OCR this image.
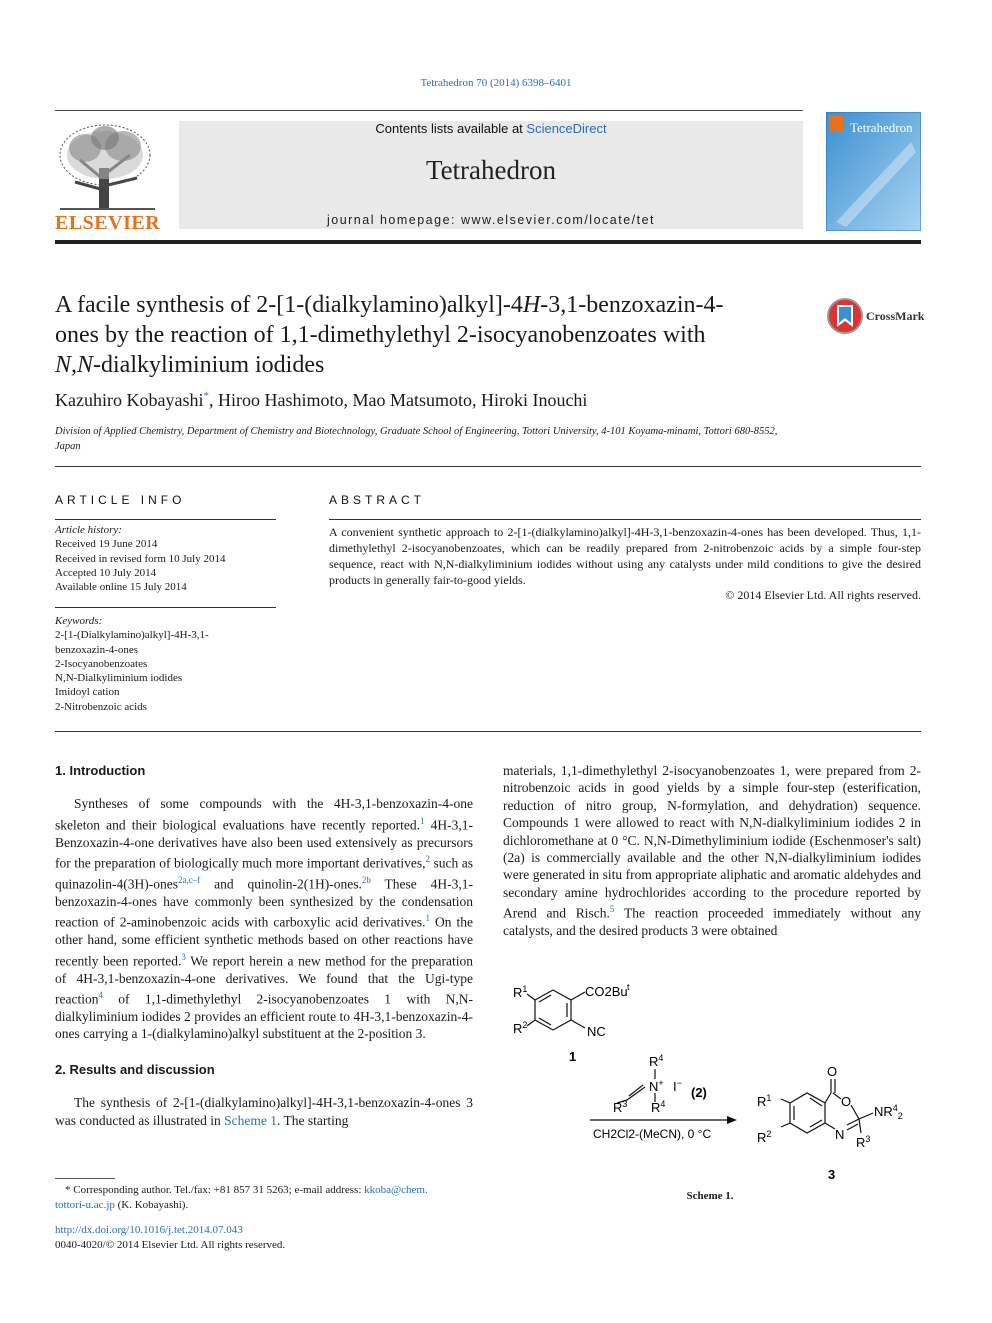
Tetrahedron 70 (2014) 6398–6401
ELSEVIER
Contents lists available at ScienceDirect
Tetrahedron
journal homepage: www.elsevier.com/locate/tet
Tetrahedron
A facile synthesis of 2-[1-(dialkylamino)alkyl]-4H-3,1-benzoxazin-4-
ones by the reaction of 1,1-dimethylethyl 2-isocyanobenzoates with
N,N-dialkyliminium iodides
CrossMark
Kazuhiro Kobayashi*, Hiroo Hashimoto, Mao Matsumoto, Hiroki Inouchi
Division of Applied Chemistry, Department of Chemistry and Biotechnology, Graduate School of Engineering, Tottori University, 4-101 Koyama-minami, Tottori 680-8552, Japan
ARTICLE INFO
Article history:
Received 19 June 2014
Received in revised form 10 July 2014
Accepted 10 July 2014
Available online 15 July 2014
Keywords:
2-[1-(Dialkylamino)alkyl]-4H-3,1-
benzoxazin-4-ones
2-Isocyanobenzoates
N,N-Dialkyliminium iodides
Imidoyl cation
2-Nitrobenzoic acids
ABSTRACT
A convenient synthetic approach to 2-[1-(dialkylamino)alkyl]-4H-3,1-benzoxazin-4-ones has been developed. Thus, 1,1-dimethylethyl 2-isocyanobenzoates, which can be readily prepared from 2-nitrobenzoic acids by a simple four-step sequence, react with N,N-dialkyliminium iodides without using any catalysts under mild conditions to give the desired products in generally fair-to-good yields.
© 2014 Elsevier Ltd. All rights reserved.

1. Introduction

Syntheses of some compounds with the 4H-3,1-benzoxazin-4-one skeleton and their biological evaluations have recently reported.$^1$ 4H-3,1-Benzoxazin-4-one derivatives have also been used extensively as precursors for the preparation of biologically much more important derivatives,$^2$ such as quinazolin-4(3H)-ones$^{2a,c-f}$ and quinolin-2(1H)-ones.$^{2b}$ These 4H-3,1-benzoxazin-4-ones have commonly been synthesized by the condensation reaction of 2-aminobenzoic acids with carboxylic acid derivatives.$^1$ On the other hand, some efficient synthetic methods based on other reactions have recently been reported.$^3$ We report herein a new method for the preparation of 4H-3,1-benzoxazin-4-one derivatives. We found that the Ugi-type reaction$^4$ of 1,1-dimethylethyl 2-isocyanobenzoates 1 with N,N-dialkyliminium iodides 2 provides an efficient route to 4H-3,1-benzoxazin-4-ones carrying a 1-(dialkylamino)alkyl substituent at the 2-position 3.

2. Results and discussion

The synthesis of 2-[1-(dialkylamino)alkyl]-4H-3,1-benzoxazin-4-ones 3 was conducted as illustrated in Scheme 1. The starting

materials, 1,1-dimethylethyl 2-isocyanobenzoates 1, were prepared from 2-nitrobenzoic acids in good yields by a simple four-step (esterification, reduction of nitro group, N-formylation, and dehydration) sequence. Compounds 1 were allowed to react with N,N-dialkyliminium iodides 2 in dichloromethane at 0 °C. N,N-Dimethyliminium iodide (Eschenmoser's salt) (2a) is commercially available and the other N,N-dialkyliminium iodides were generated in situ from appropriate aliphatic and aromatic aldehydes and secondary amine hydrochlorides according to the procedure reported by Arend and Risch.$^5$ The reaction proceeded immediately without any catalysts, and the desired products 3 were obtained

$R^1$
$R^2$
CO2Bu t
NC
1
N+
$R^4$
$R^4$
$R^3$
I−
(2)
CH2Cl2-(MeCN), 0 °C
O
O
N
$R^1$
$R^2$
$NR^4_2$
$R^3$
3
Scheme 1.
* Corresponding author. Tel./fax: +81 857 31 5263; e-mail address: kkoba@chem.
tottori-u.ac.jp (K. Kobayashi).
http://dx.doi.org/10.1016/j.tet.2014.07.043
0040-4020/© 2014 Elsevier Ltd. All rights reserved.
